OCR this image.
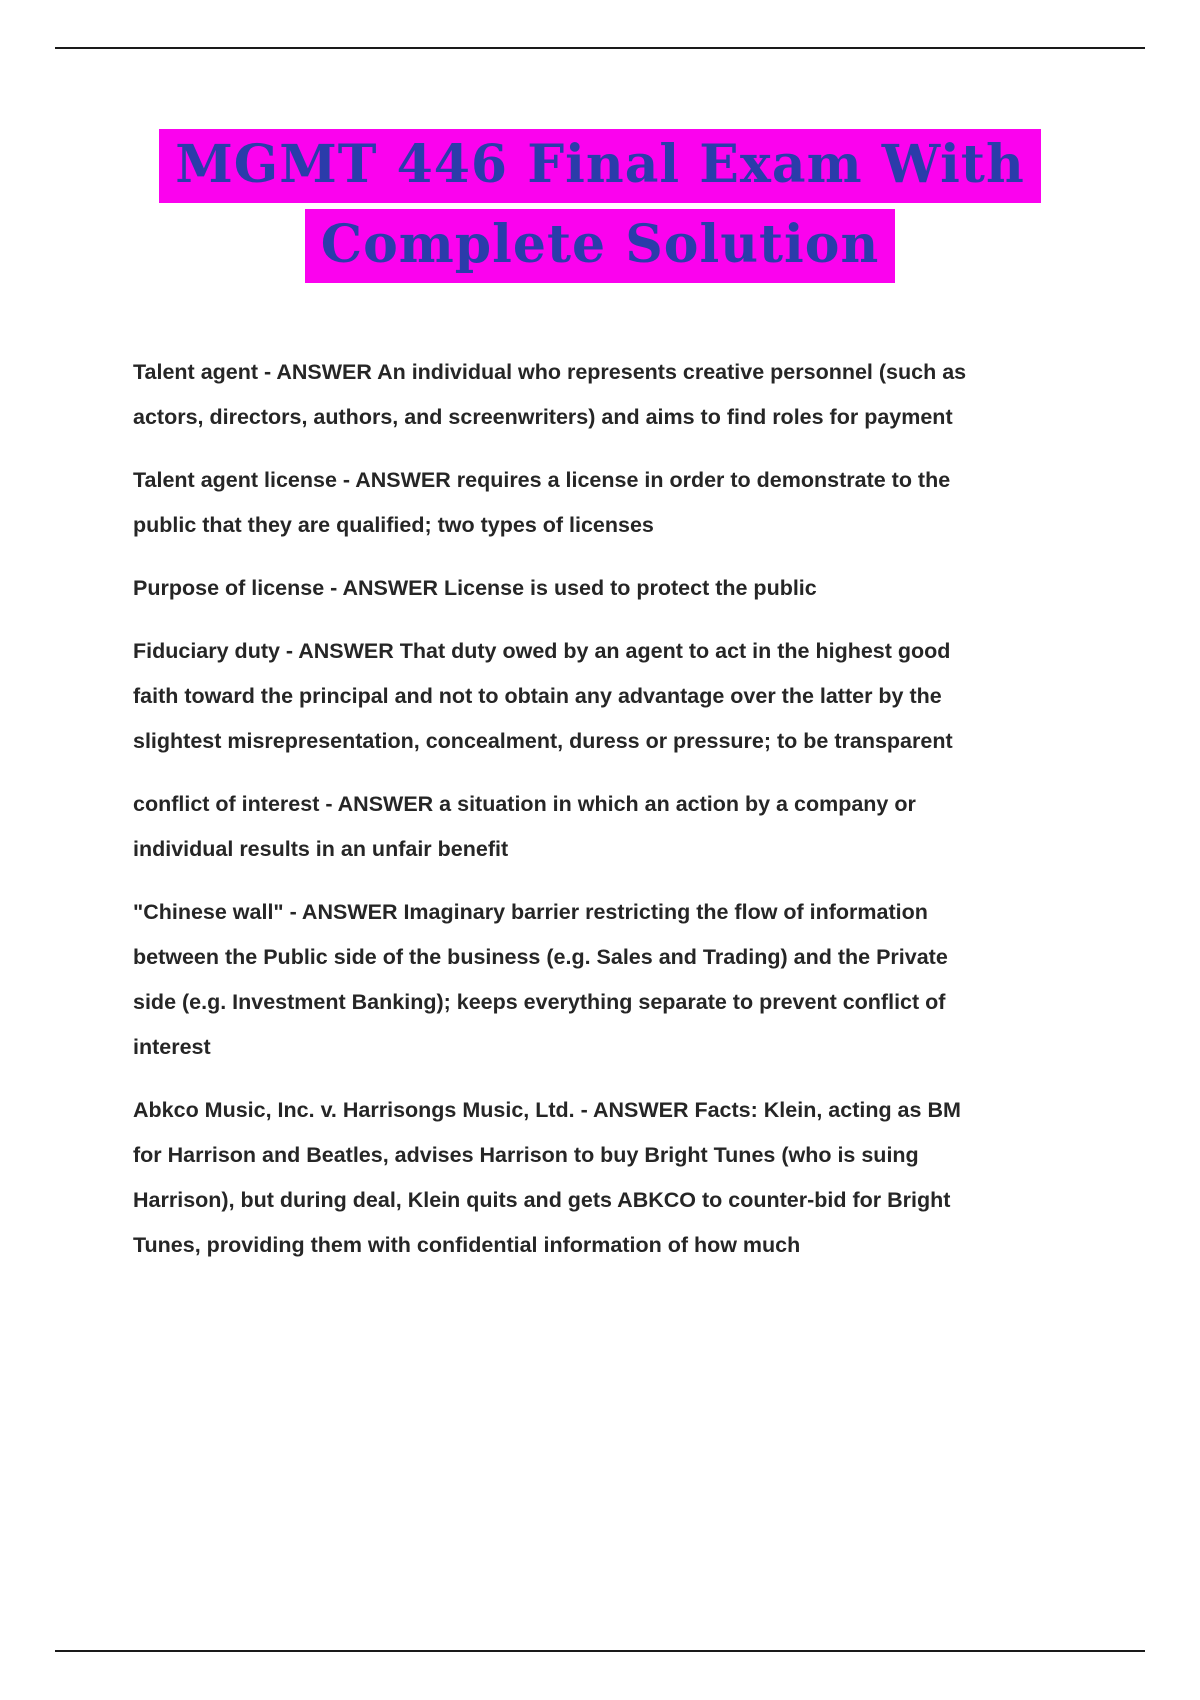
MGMT 446 Final Exam With
Complete Solution

Talent agent - ANSWER An individual who represents creative personnel (such as actors, directors, authors, and screenwriters) and aims to find roles for payment

Talent agent license - ANSWER requires a license in order to demonstrate to the public that they are qualified; two types of licenses

Purpose of license - ANSWER License is used to protect the public

Fiduciary duty - ANSWER That duty owed by an agent to act in the highest good faith toward the principal and not to obtain any advantage over the latter by the slightest misrepresentation, concealment, duress or pressure; to be transparent

conflict of interest - ANSWER a situation in which an action by a company or individual results in an unfair benefit

"Chinese wall" - ANSWER Imaginary barrier restricting the flow of information between the Public side of the business (e.g. Sales and Trading) and the Private side (e.g. Investment Banking); keeps everything separate to prevent conflict of interest

Abkco Music, Inc. v. Harrisongs Music, Ltd. - ANSWER Facts: Klein, acting as BM for Harrison and Beatles, advises Harrison to buy Bright Tunes (who is suing Harrison), but during deal, Klein quits and gets ABKCO to counter-bid for Bright Tunes, providing them with confidential information of how much
